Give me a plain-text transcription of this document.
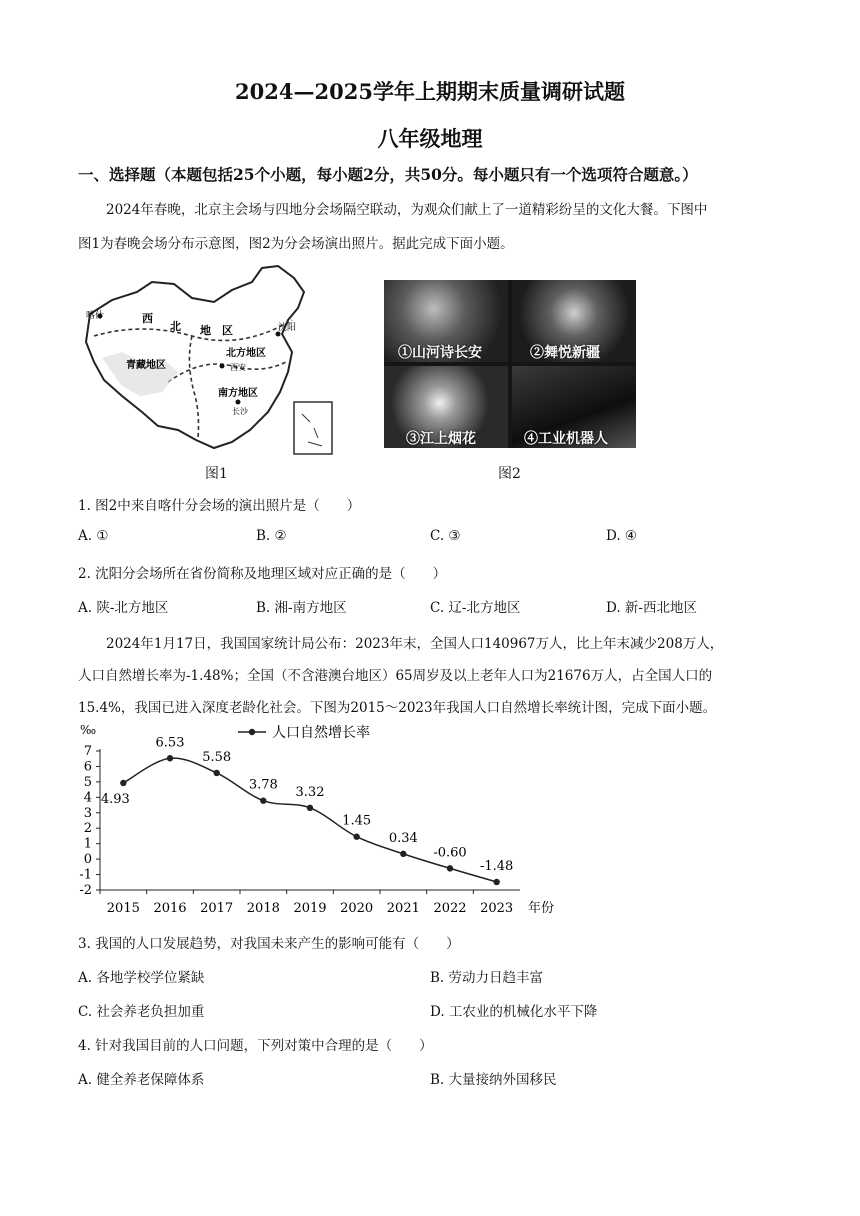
2024—2025学年上期期末质量调研试题
八年级地理
一、选择题（本题包括25个小题，每小题2分，共50分。每小题只有一个选项符合题意。）
2024年春晚，北京主会场与四地分会场隔空联动，为观众们献上了一道精彩纷呈的文化大餐。下图中
图1为春晚会场分布示意图，图2为分会场演出照片。据此完成下面小题。
喀什	西
北 地 区	沈阳
北方地区
西安
青藏地区
南方地区
长沙
图1
①山河诗长安	②舞悦新疆
③江上烟花	④工业机器人
图2
1. 图2中来自喀什分会场的演出照片是（　　）
A. ①	B. ②	C. ③	D. ④
2. 沈阳分会场所在省份简称及地理区域对应正确的是（　　）
A. 陕-北方地区	B. 湘-南方地区	C. 辽-北方地区	D. 新-西北地区
2024年1月17日，我国国家统计局公布：2023年末，全国人口140967万人，比上年末减少208万人，
人口自然增长率为-1.48%；全国（不含港澳台地区）65周岁及以上老年人口为21676万人，占全国人口的
15.4%，我国已进入深度老龄化社会。下图为2015～2023年我国人口自然增长率统计图，完成下面小题。
‰
7
6
5
4
3
2
1
0
-1
-2
2015 2016 2017 2018 2019 2020 2021 2022 2023 年份
人口自然增长率
4.93
6.53
5.58
3.78 3.32
1.45
0.34
-0.60
-1.48
3. 我国的人口发展趋势，对我国未来产生的影响可能有（　　）
A. 各地学校学位紧缺	B. 劳动力日趋丰富
C. 社会养老负担加重	D. 工农业的机械化水平下降
4. 针对我国目前的人口问题，下列对策中合理的是（　　）
A. 健全养老保障体系	B. 大量接纳外国移民
